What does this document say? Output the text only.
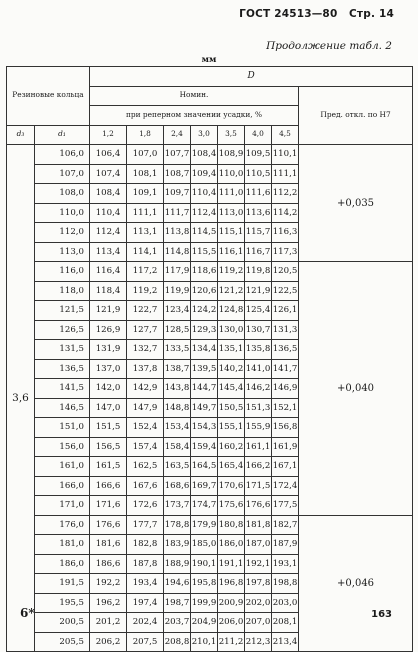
ГОСТ 24513—80 Стр. 14
Продолжение табл. 2
мм
Резиновые кольца		D							
		Номин.							Пред. откл. по Н7
		при реперном значении усадки, %							
d₃	d₁	1,2	1,8	2,4	3,0	3,5	4,0	4,5	
3,6	106,0	106,4	107,0	107,7	108,4	108,9	109,5	110,1	+0,035
	107,0	107,4	108,1	108,7	109,4	110,0	110,5	111,1	
	108,0	108,4	109,1	109,7	110,4	111,0	111,6	112,2	
	110,0	110,4	111,1	111,7	112,4	113,0	113,6	114,2	
	112,0	112,4	113,1	113,8	114,5	115,1	115,7	116,3	
	113,0	113,4	114,1	114,8	115,5	116,1	116,7	117,3	
	116,0	116,4	117,2	117,9	118,6	119,2	119,8	120,5	+0,040
	118,0	118,4	119,2	119,9	120,6	121,2	121,9	122,5	
	121,5	121,9	122,7	123,4	124,2	124,8	125,4	126,1	
	126,5	126,9	127,7	128,5	129,3	130,0	130,7	131,3	
	131,5	131,9	132,7	133,5	134,4	135,1	135,8	136,5	
	136,5	137,0	137,8	138,7	139,5	140,2	141,0	141,7	
	141,5	142,0	142,9	143,8	144,7	145,4	146,2	146,9	
	146,5	147,0	147,9	148,8	149,7	150,5	151,3	152,1	
	151,0	151,5	152,4	153,4	154,3	155,1	155,9	156,8	
	156,0	156,5	157,4	158,4	159,4	160,2	161,1	161,9	
	161,0	161,5	162,5	163,5	164,5	165,4	166,2	167,1	
	166,0	166,6	167,6	168,6	169,7	170,6	171,5	172,4	
	171,0	171,6	172,6	173,7	174,7	175,6	176,6	177,5	
	176,0	176,6	177,7	178,8	179,9	180,8	181,8	182,7	+0,046
	181,0	181,6	182,8	183,9	185,0	186,0	187,0	187,9	
	186,0	186,6	187,8	188,9	190,1	191,1	192,1	193,1	
	191,5	192,2	193,4	194,6	195,8	196,8	197,8	198,8	
	195,5	196,2	197,4	198,7	199,9	200,9	202,0	203,0	
	200,5	201,2	202,4	203,7	204,9	206,0	207,0	208,1	
	205,5	206,2	207,5	208,8	210,1	211,2	212,3	213,4	
6*	163
